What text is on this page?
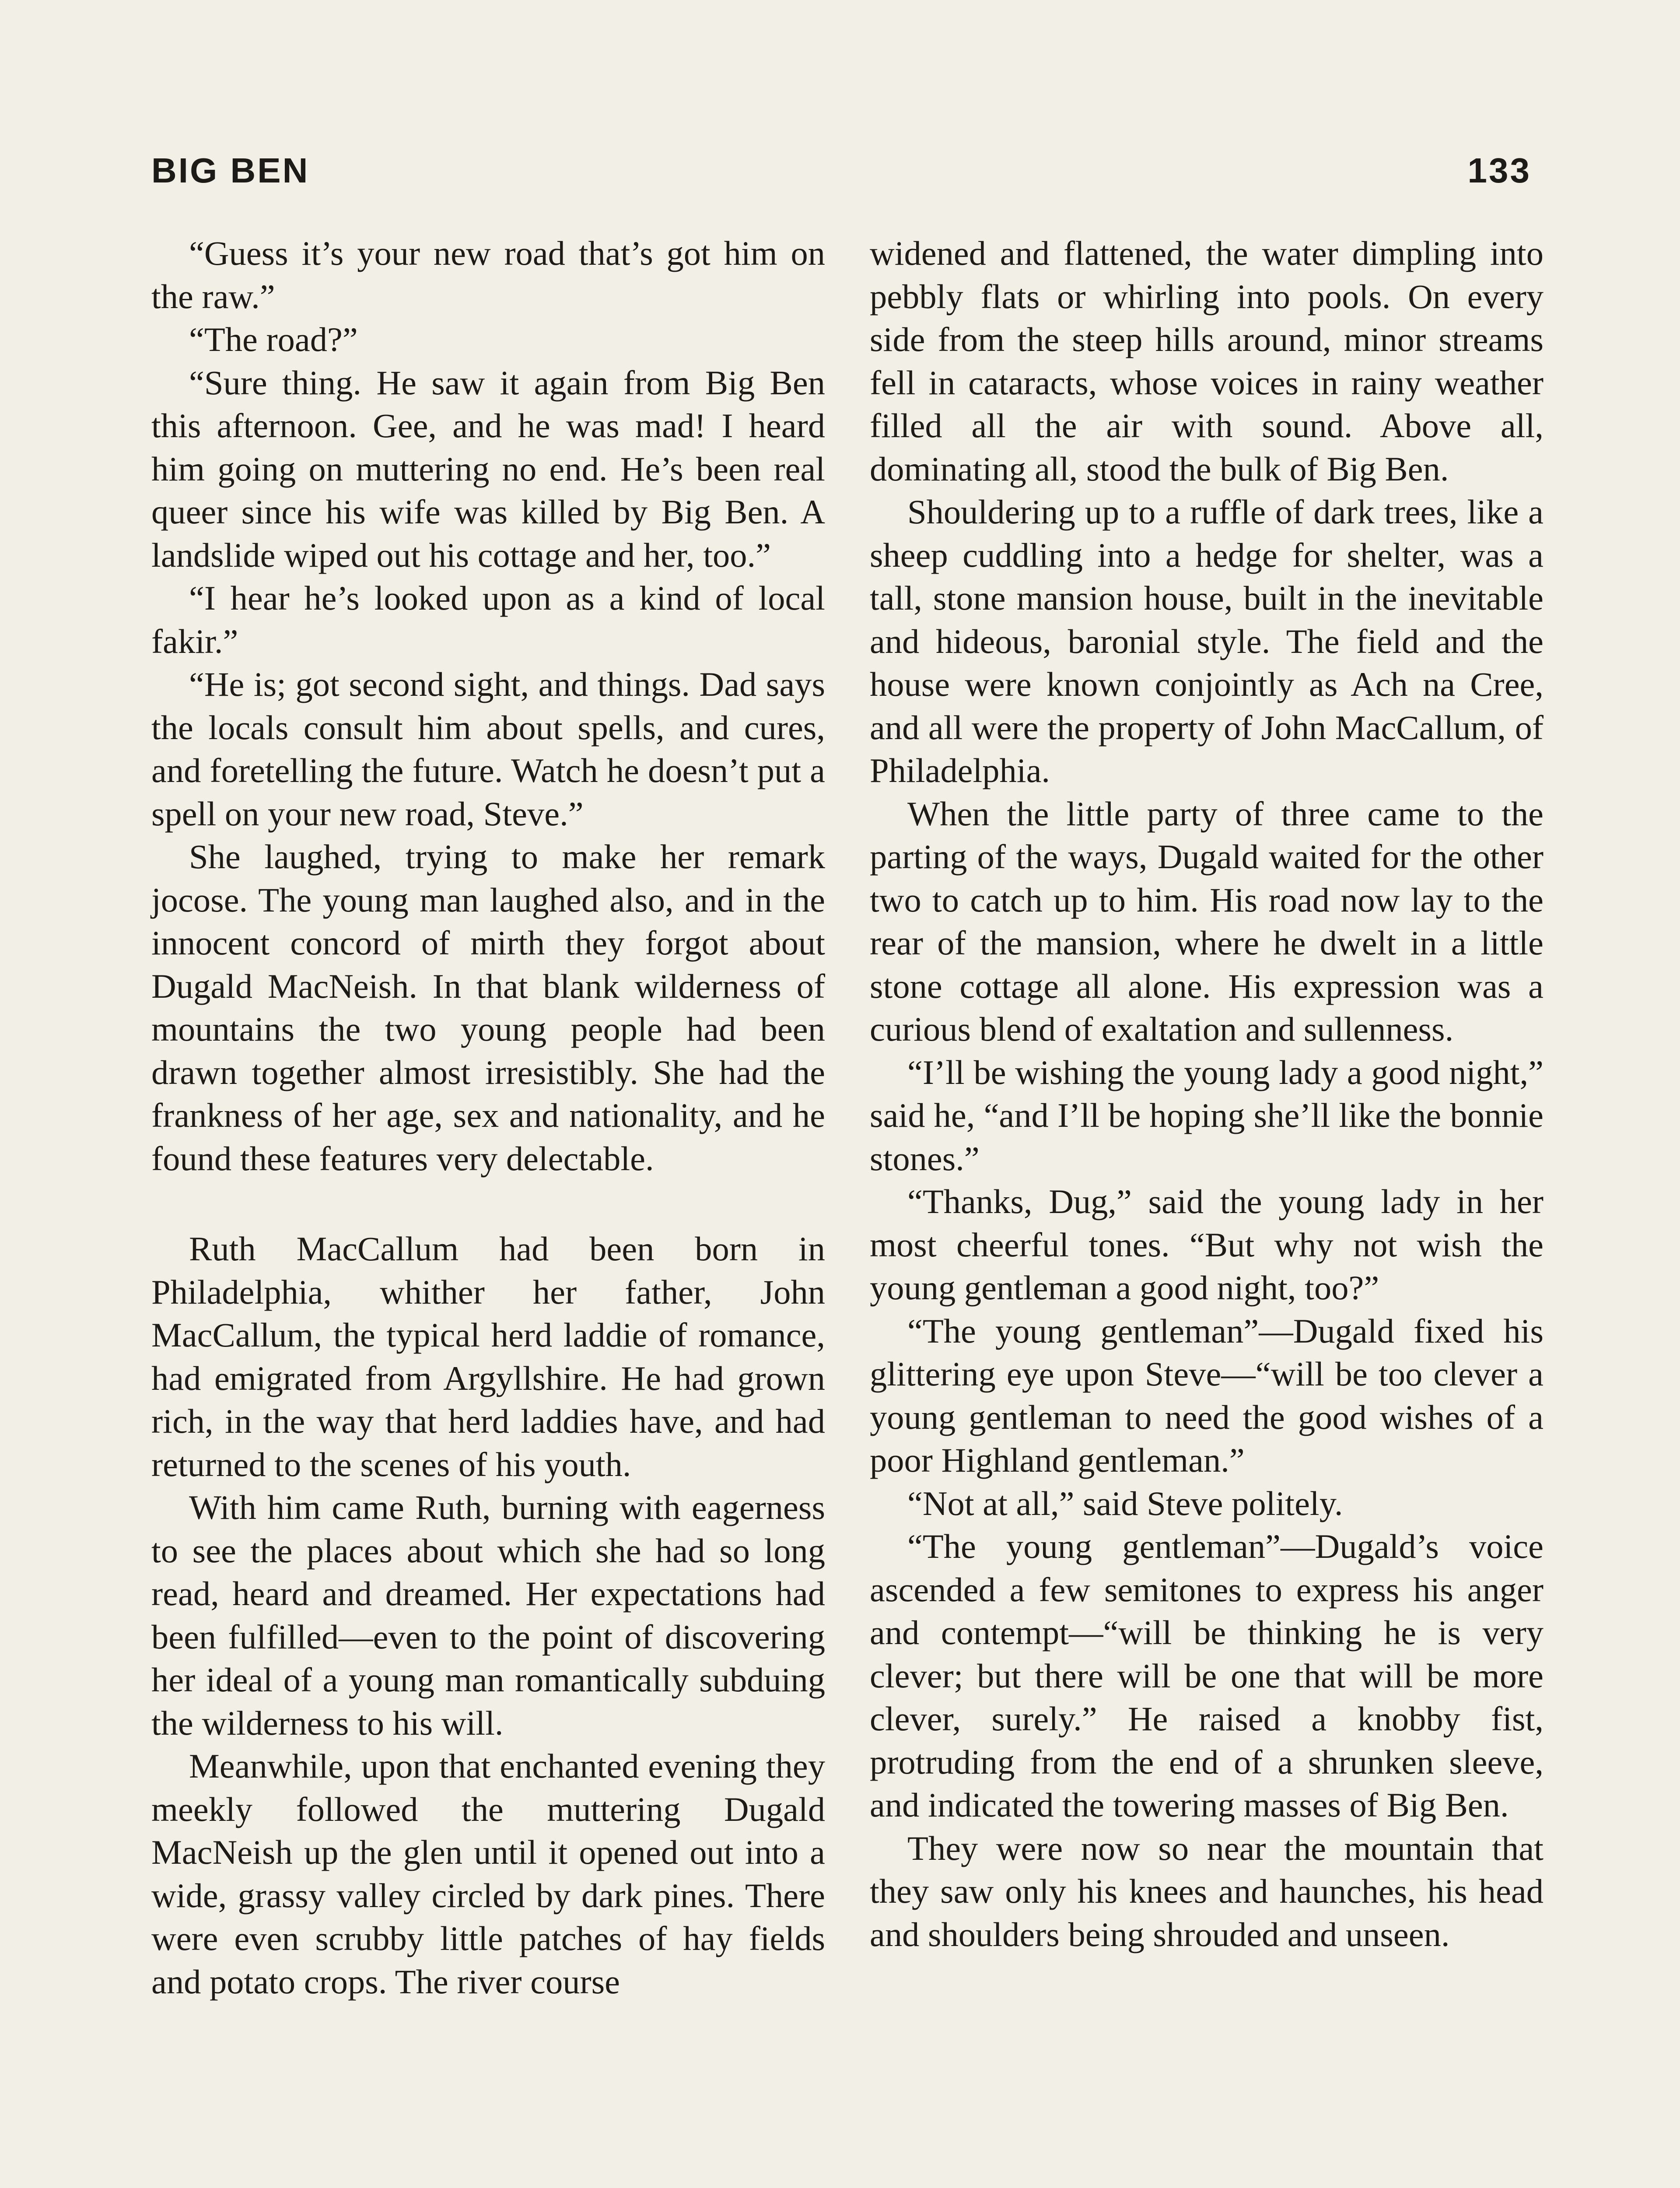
BIG BEN	133

“Guess it’s your new road that’s got him on the raw.”

“The road?”

“Sure thing. He saw it again from Big Ben this afternoon. Gee, and he was mad! I heard him going on muttering no end. He’s been real queer since his wife was killed by Big Ben. A landslide wiped out his cottage and her, too.”

“I hear he’s looked upon as a kind of local fakir.”

“He is; got second sight, and things. Dad says the locals consult him about spells, and cures, and foretelling the future. Watch he doesn’t put a spell on your new road, Steve.”

She laughed, trying to make her remark jocose. The young man laughed also, and in the innocent concord of mirth they forgot about Dugald MacNeish. In that blank wilderness of mountains the two young people had been drawn together almost irresistibly. She had the frankness of her age, sex and nationality, and he found these features very delectable.

Ruth MacCallum had been born in Philadelphia, whither her father, John MacCallum, the typical herd laddie of romance, had emigrated from Argyllshire. He had grown rich, in the way that herd laddies have, and had returned to the scenes of his youth.

With him came Ruth, burning with eagerness to see the places about which she had so long read, heard and dreamed. Her expectations had been fulfilled—even to the point of discovering her ideal of a young man romantically subduing the wilderness to his will.

Meanwhile, upon that enchanted evening they meekly followed the muttering Dugald MacNeish up the glen until it opened out into a wide, grassy valley circled by dark pines. There were even scrubby little patches of hay fields and potato crops. The river course

widened and flattened, the water dimpling into pebbly flats or whirling into pools. On every side from the steep hills around, minor streams fell in cataracts, whose voices in rainy weather filled all the air with sound. Above all, dominating all, stood the bulk of Big Ben.

Shouldering up to a ruffle of dark trees, like a sheep cuddling into a hedge for shelter, was a tall, stone mansion house, built in the inevitable and hideous, baronial style. The field and the house were known conjointly as Ach na Cree, and all were the property of John MacCallum, of Philadelphia.

When the little party of three came to the parting of the ways, Dugald waited for the other two to catch up to him. His road now lay to the rear of the mansion, where he dwelt in a little stone cottage all alone. His expression was a curious blend of exaltation and sullenness.

“I’ll be wishing the young lady a good night,” said he, “and I’ll be hoping she’ll like the bonnie stones.”

“Thanks, Dug,” said the young lady in her most cheerful tones. “But why not wish the young gentleman a good night, too?”

“The young gentleman”—Dugald fixed his glittering eye upon Steve—“will be too clever a young gentleman to need the good wishes of a poor Highland gentleman.”

“Not at all,” said Steve politely.

“The young gentleman”—Dugald’s voice ascended a few semitones to express his anger and contempt—“will be thinking he is very clever; but there will be one that will be more clever, surely.” He raised a knobby fist, protruding from the end of a shrunken sleeve, and indicated the towering masses of Big Ben.

They were now so near the mountain that they saw only his knees and haunches, his head and shoulders being shrouded and unseen.
